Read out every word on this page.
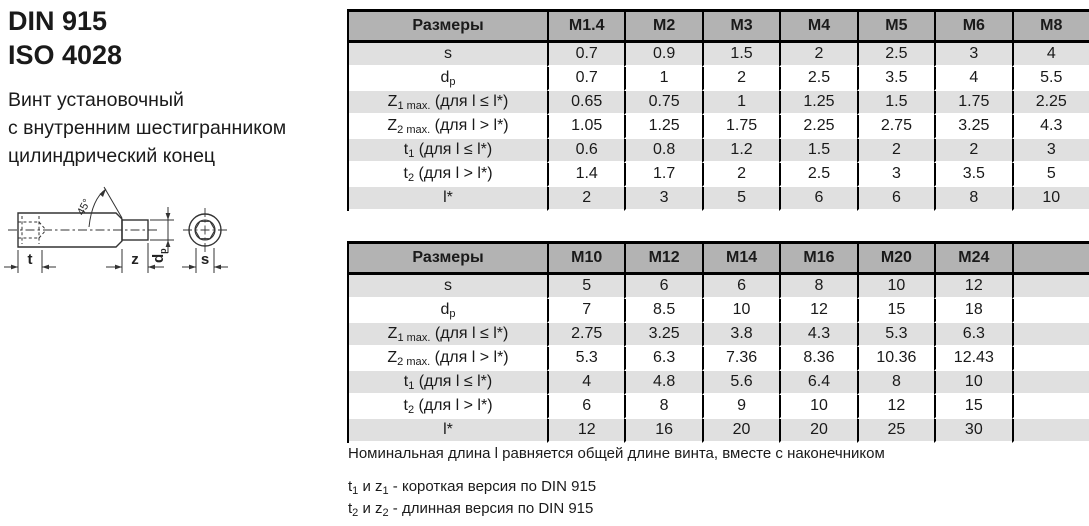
DIN 915
ISO 4028
Винт установочный
с внутренним шестигранником
цилиндрический конец
45°
t	z $d_p$ s
Размеры	M1.4	M2	M3	M4	M5	M6	M8
s	0.7	0.9	1.5	2	2.5	3	4
$d_p$	0.7	1	2	2.5	3.5	4	5.5
$Z_{1 max.}$ (для l ≤ l*)	0.65	0.75	1	1.25	1.5	1.75	2.25
$Z_{2 max.}$ (для l > l*)	1.05	1.25	1.75	2.25	2.75	3.25	4.3
$t_1$ (для l ≤ l*)	0.6	0.8	1.2	1.5	2	2	3
$t_2$ (для l > l*)	1.4	1.7	2	2.5	3	3.5	5
l*	2	3	5	6	6	8	10
Размеры	M10	M12	M14	M16	M20	M24	
s	5	6	6	8	10	12	
$d_p$	7	8.5	10	12	15	18	
$Z_{1 max.}$ (для l ≤ l*)	2.75	3.25	3.8	4.3	5.3	6.3	
$Z_{2 max.}$ (для l > l*)	5.3	6.3	7.36	8.36	10.36	12.43	
$t_1$ (для l ≤ l*)	4	4.8	5.6	6.4	8	10	
$t_2$ (для l > l*)	6	8	9	10	12	15	
l*	12	16	20	20	25	30	
Номинальная длина l равняется общей длине винта, вместе с наконечником
$t_1$ и $z_1$ - короткая версия по DIN 915
$t_2$ и $z_2$ - длинная версия по DIN 915
